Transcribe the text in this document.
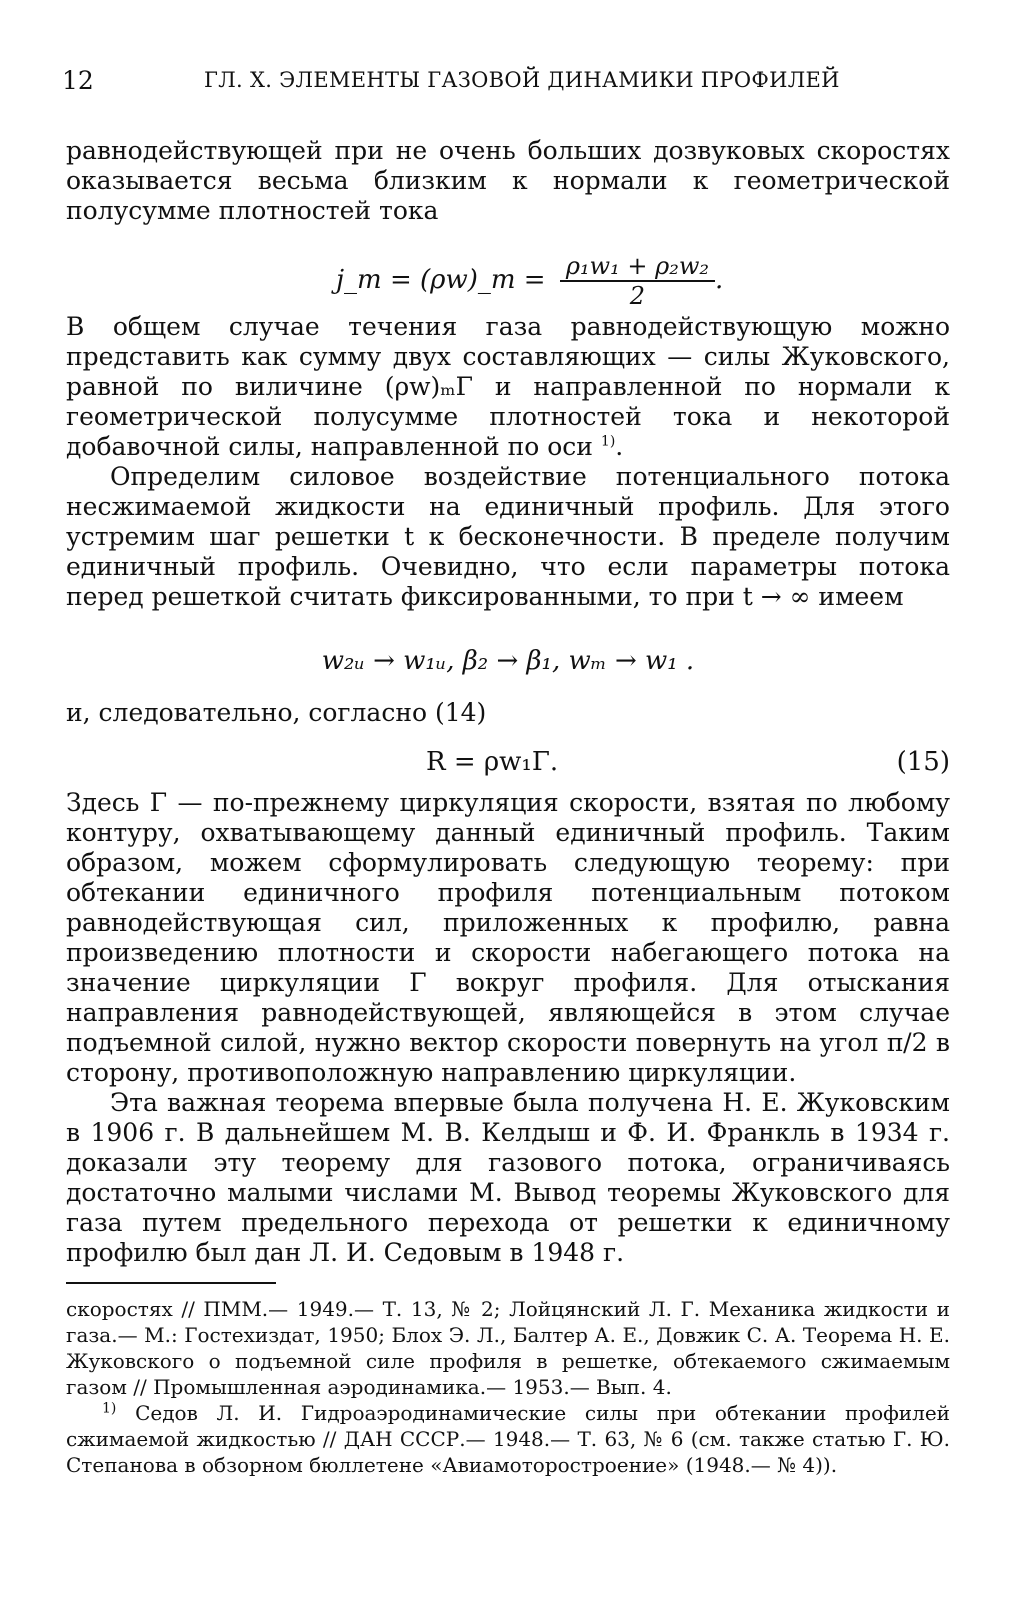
12	ГЛ. X. ЭЛЕМЕНТЫ ГАЗОВОЙ ДИНАМИКИ ПРОФИЛЕЙ

равнодействующей при не очень больших дозвуковых скоростях оказывается весьма близким к нормали к геометрической полусумме плотностей тока

j_m = (ρw)_m = $\frac{\text{ρ₁w₁ + ρ₂w₂}}{2}$ .

В общем случае течения газа равнодействующую можно представить как сумму двух составляющих — силы Жуковского, равной по виличине (ρw)ₘΓ и направленной по нормали к геометрической полусумме плотностей тока и некоторой добавочной силы, направленной по оси $^{1)}$.

Определим силовое воздействие потенциального потока несжимаемой жидкости на единичный профиль. Для этого устремим шаг решетки t к бесконечности. В пределе получим единичный профиль. Очевидно, что если параметры потока перед решеткой считать фиксированными, то при t → ∞ имеем

w₂ᵤ → w₁ᵤ, β₂ → β₁, wₘ → w₁ .

и, следовательно, согласно (14)

R = ρw₁Γ.	(15)

Здесь Γ — по-прежнему циркуляция скорости, взятая по любому контуру, охватывающему данный единичный профиль. Таким образом, можем сформулировать следующую теорему: при обтекании единичного профиля потенциальным потоком равнодействующая сил, приложенных к профилю, равна произведению плотности и скорости набегающего потока на значение циркуляции Γ вокруг профиля. Для отыскания направления равнодействующей, являющейся в этом случае подъемной силой, нужно вектор скорости повернуть на угол π/2 в сторону, противоположную направлению циркуляции.

Эта важная теорема впервые была получена Н. Е. Жуковским в 1906 г. В дальнейшем М. В. Келдыш и Ф. И. Франкль в 1934 г. доказали эту теорему для газового потока, ограничиваясь достаточно малыми числами M. Вывод теоремы Жуковского для газа путем предельного перехода от решетки к единичному профилю был дан Л. И. Седовым в 1948 г.

скоростях // ПММ.— 1949.— Т. 13, № 2; Лойцянский Л. Г. Механика жидкости и газа.— М.: Гостехиздат, 1950; Блох Э. Л., Балтер А. Е., Довжик С. А. Теорема Н. Е. Жуковского о подъемной силе профиля в решетке, обтекаемого сжимаемым газом // Промышленная аэродинамика.— 1953.— Вып. 4.

$^{1)}$ Седов Л. И. Гидроаэродинамические силы при обтекании профилей сжимаемой жидкостью // ДАН СССР.— 1948.— Т. 63, № 6 (см. также статью Г. Ю. Степанова в обзорном бюллетене «Авиамоторостроение» (1948.— № 4)).
